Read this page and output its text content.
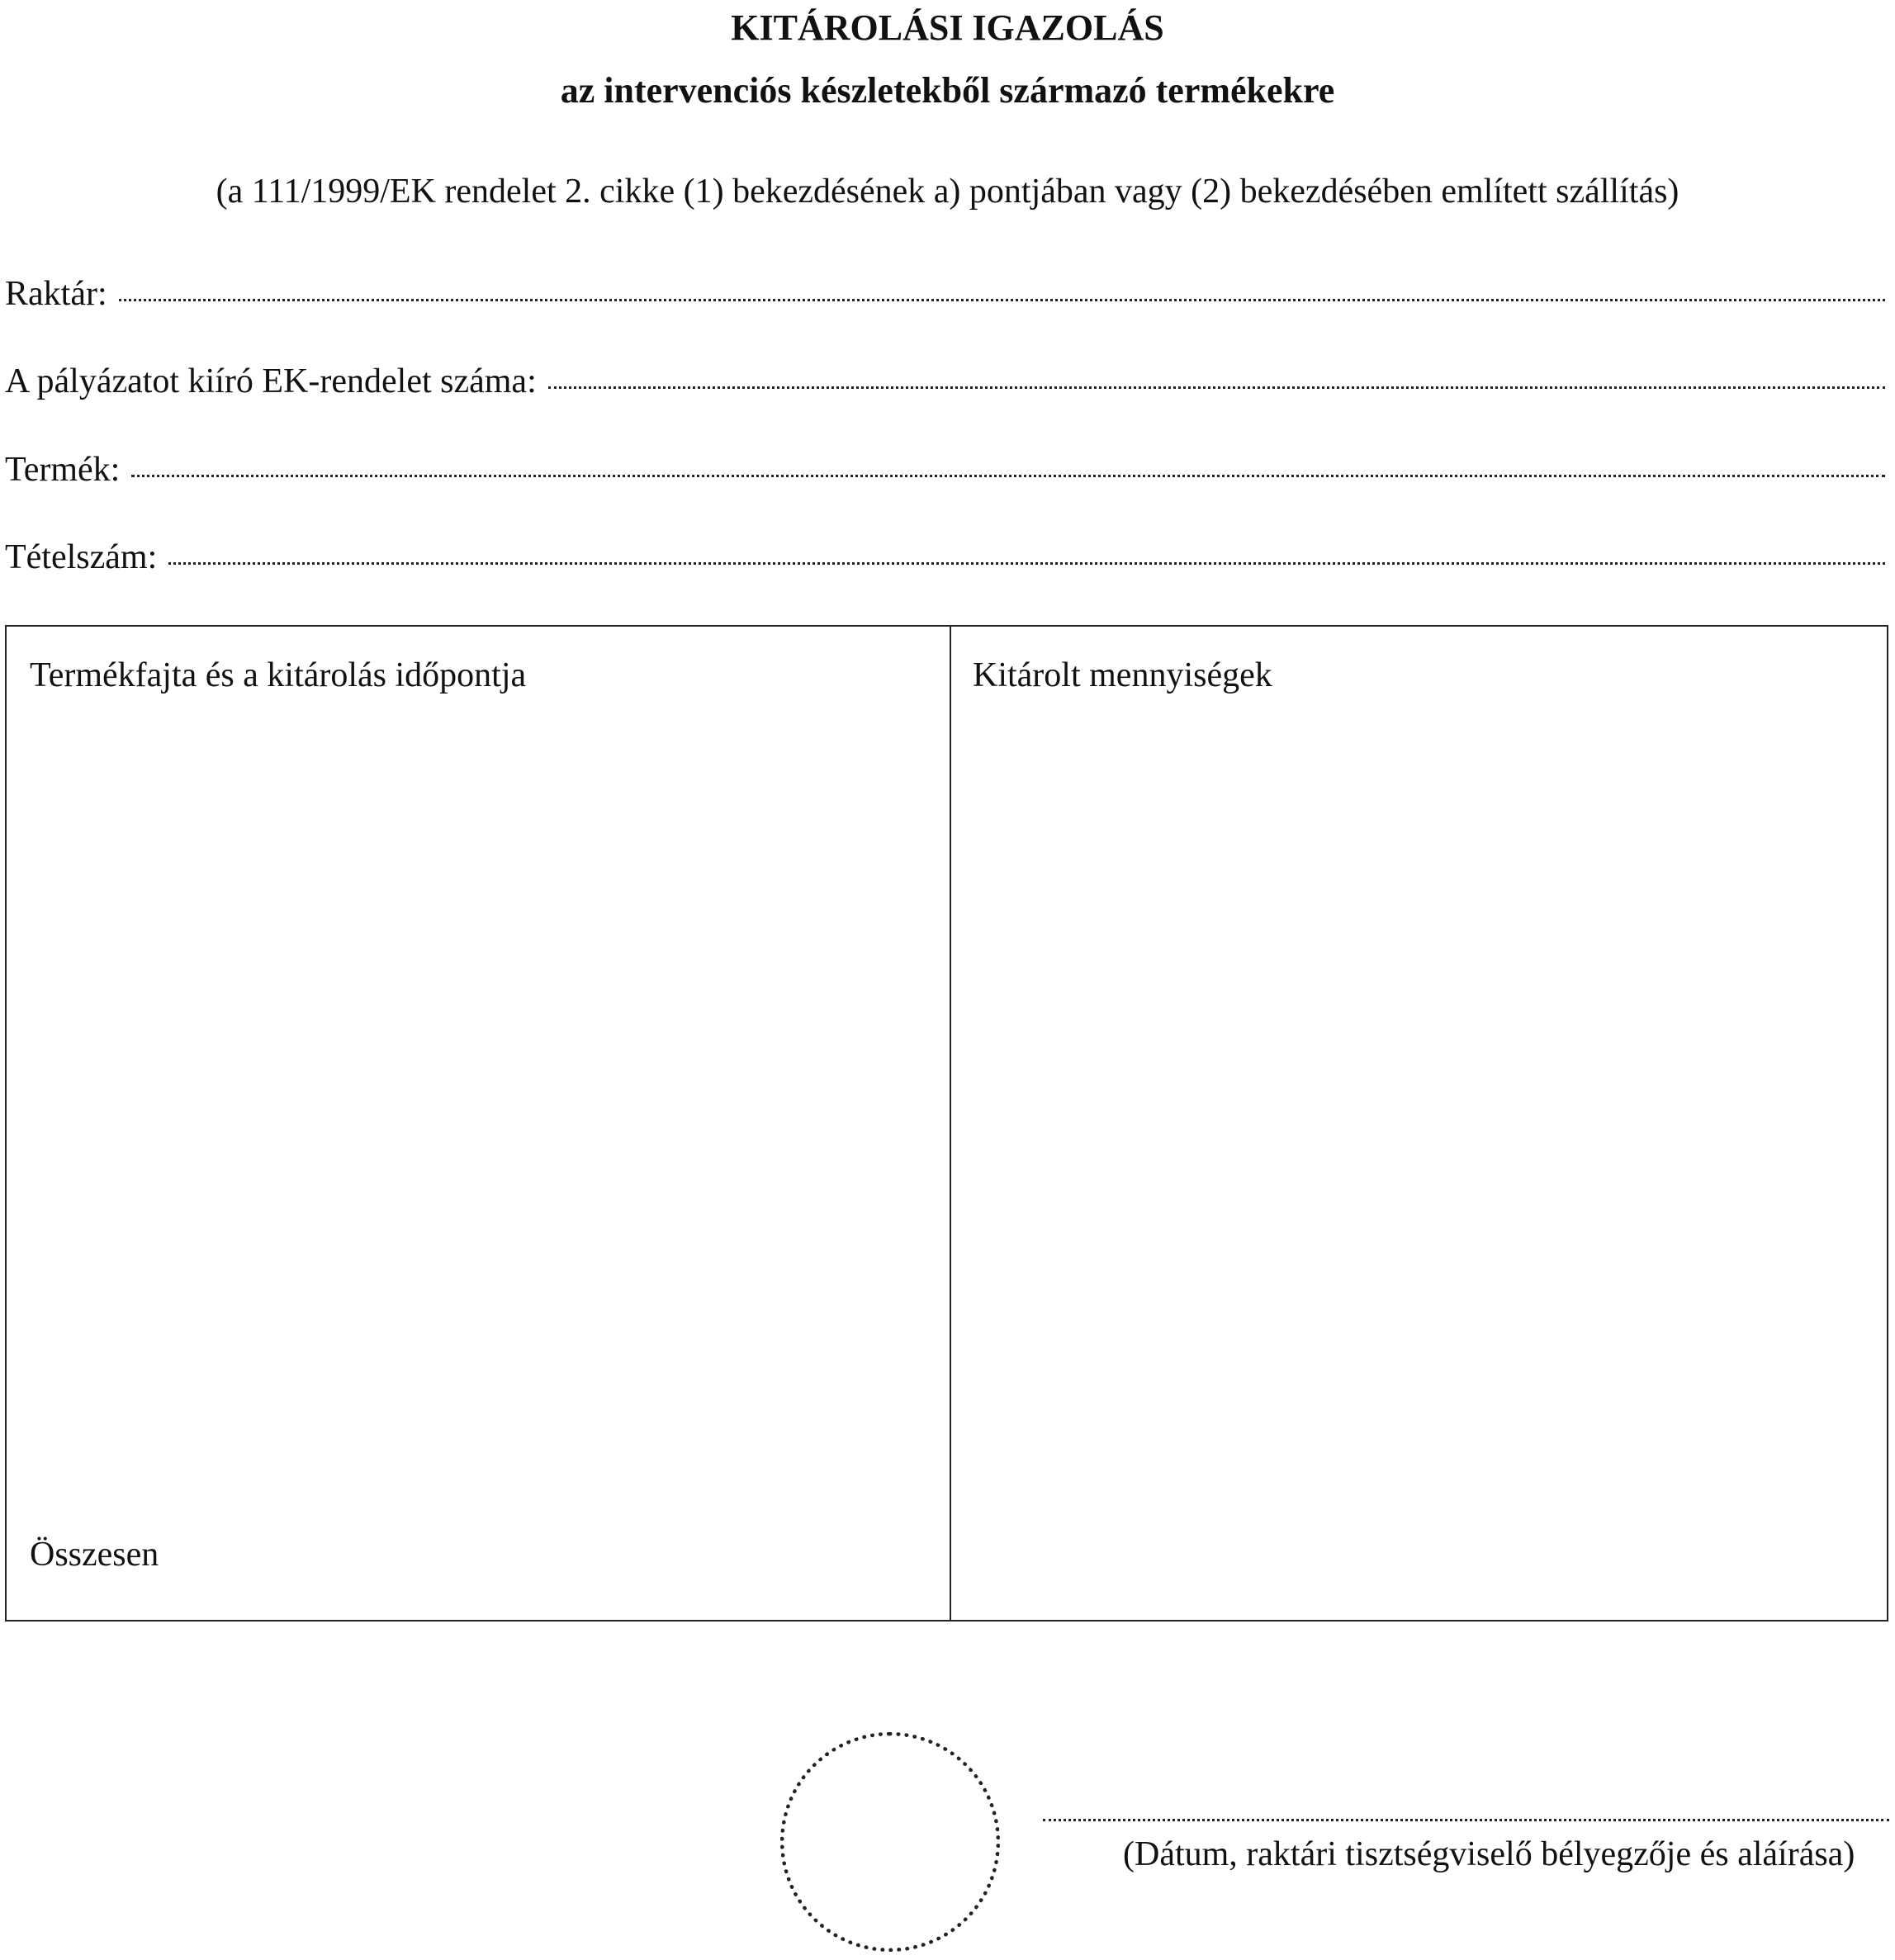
KITÁROLÁSI IGAZOLÁS
az intervenciós készletekből származó termékekre
(a 111/1999/EK rendelet 2. cikke (1) bekezdésének a) pontjában vagy (2) bekezdésében említett szállítás)
Raktár:
A pályázatot kiíró EK-rendelet száma:
Termék:
Tételszám:
Termékfajta és a kitárolás időpontja	Kitárolt mennyiségek
Összesen
(Dátum, raktári tisztségviselő bélyegzője és aláírása)
